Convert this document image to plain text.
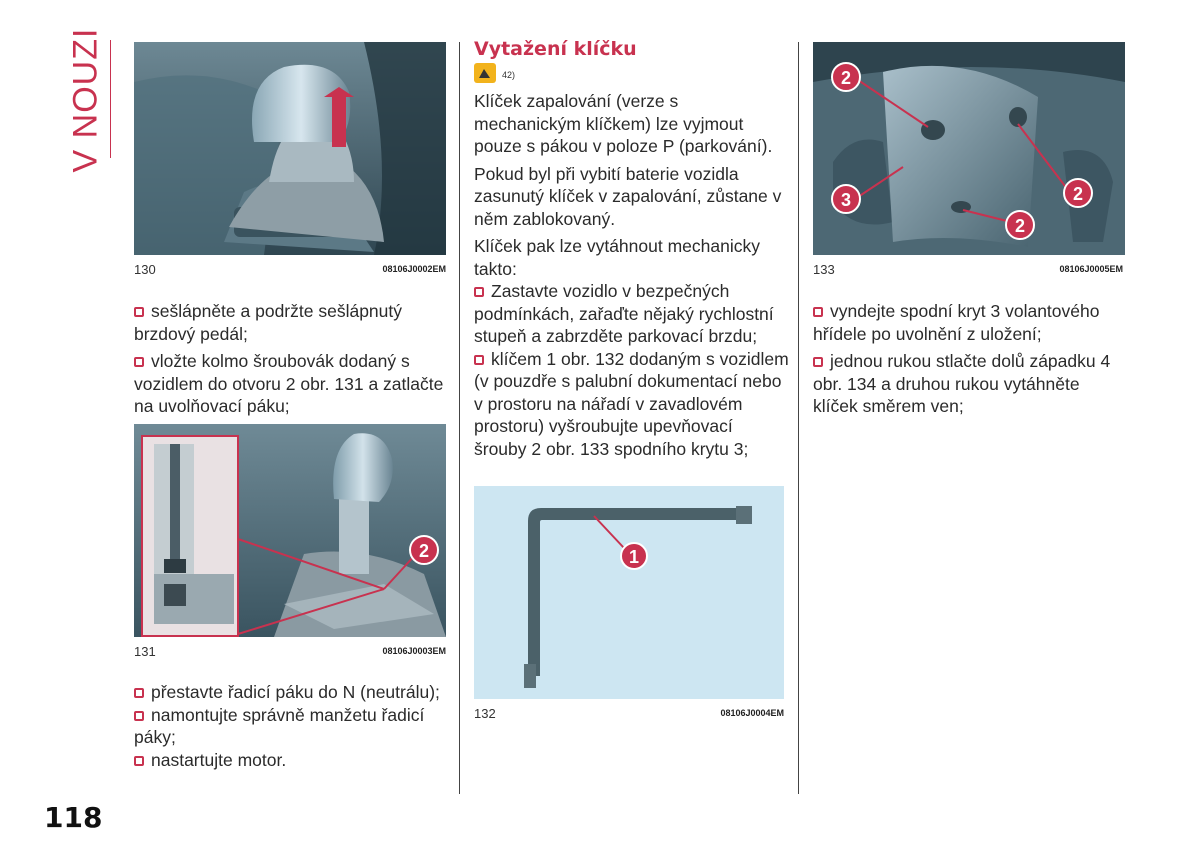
V NOUZI
130	08106J0002EM

sešlápněte a podržte sešlápnutý brzdový pedál;

vložte kolmo šroubovák dodaný s vozidlem do otvoru 2 obr. 131 a zatlačte na uvolňovací páku;

2
131	08106J0003EM

přestavte řadicí páku do N (neutrálu);

namontujte správně manžetu řadicí páky;

nastartujte motor.

Vytažení klíčku
42)

Klíček zapalování (verze s mechanickým klíčkem) lze vyjmout pouze s pákou v poloze P (parkování).

Pokud byl při vybití baterie vozidla zasunutý klíček v zapalování, zůstane v něm zablokovaný.

Klíček pak lze vytáhnout mechanicky takto:

Zastavte vozidlo v bezpečných podmínkách, zařaďte nějaký rychlostní stupeň a zabrzděte parkovací brzdu;

klíčem 1 obr. 132 dodaným s vozidlem (v pouzdře s palubní dokumentací nebo v prostoru na nářadí v zavadlovém prostoru) vyšroubujte upevňovací šrouby 2 obr. 133 spodního krytu 3;

1
132	08106J0004EM
2
2
3
2
133	08106J0005EM

vyndejte spodní kryt 3 volantového hřídele po uvolnění z uložení;

jednou rukou stlačte dolů západku 4 obr. 134 a druhou rukou vytáhněte klíček směrem ven;

118
